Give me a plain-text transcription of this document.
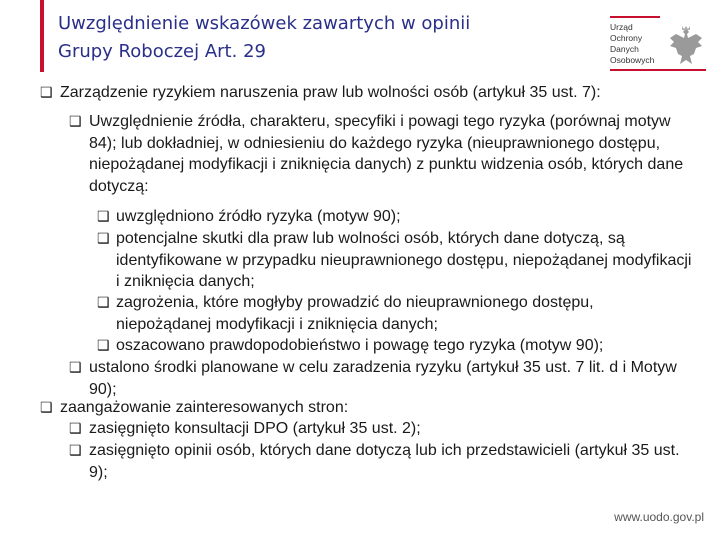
Uwzględnienie wskazówek zawartych w opinii
Grupy Roboczej Art. 29
Urząd
Ochrony
Danych
Osobowych
❑ Zarządzenie ryzykiem naruszenia praw lub wolności osób (artykuł 35 ust. 7):
❑ Uwzględnienie źródła, charakteru, specyfiki i powagi tego ryzyka (porównaj motyw 84); lub dokładniej, w odniesieniu do każdego ryzyka (nieuprawnionego dostępu, niepożądanej modyfikacji i zniknięcia danych) z punktu widzenia osób, których dane dotyczą:
❑ uwzględniono źródło ryzyka (motyw 90);
❑ potencjalne skutki dla praw lub wolności osób, których dane dotyczą, są identyfikowane w przypadku nieuprawnionego dostępu, niepożądanej modyfikacji i zniknięcia danych;
❑ zagrożenia, które mogłyby prowadzić do nieuprawnionego dostępu, niepożądanej modyfikacji i zniknięcia danych;
❑ oszacowano prawdopodobieństwo i powagę tego ryzyka (motyw 90);
❑ ustalono środki planowane w celu zaradzenia ryzyku (artykuł 35 ust. 7 lit. d i Motyw 90);
❑ zaangażowanie zainteresowanych stron:
❑ zasięgnięto konsultacji DPO (artykuł 35 ust. 2);
❑ zasięgnięto opinii osób, których dane dotyczą lub ich przedstawicieli (artykuł 35 ust. 9);
www.uodo.gov.pl
